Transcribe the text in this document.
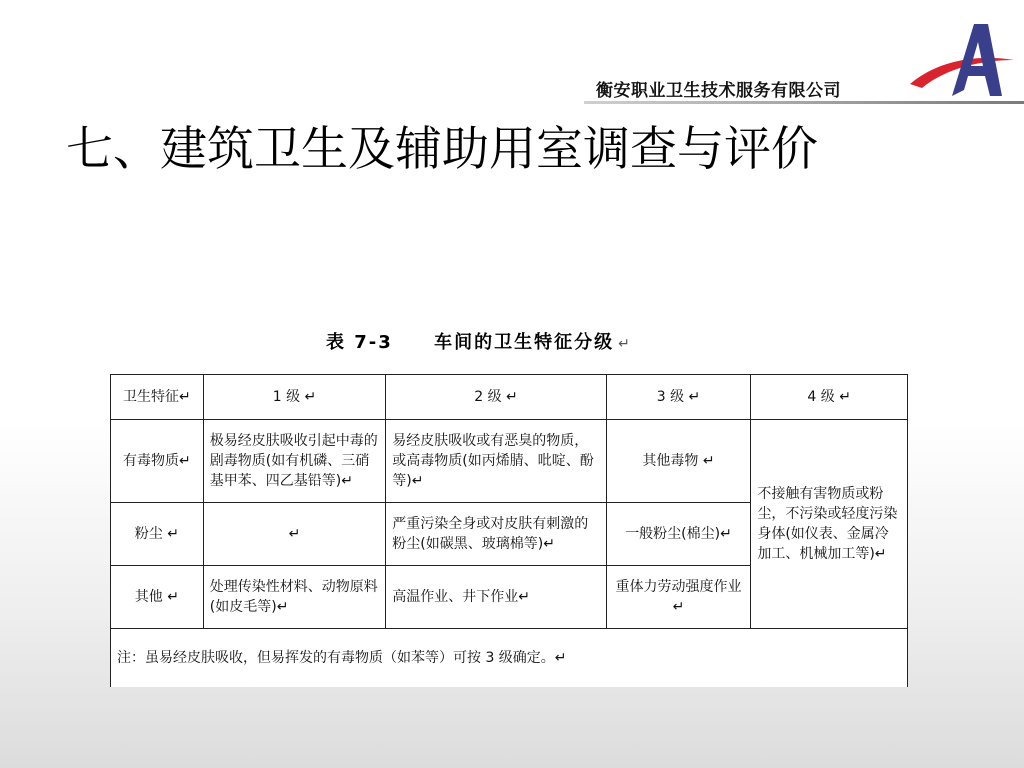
衡安职业卫生技术服务有限公司
七、建筑卫生及辅助用室调查与评价
表 7-3     车间的卫生特征分级 ↵
卫生特征↵	1 级 ↵	2 级 ↵	3 级 ↵	4 级 ↵
有毒物质↵	极易经皮肤吸收引起中毒的剧毒物质(如有机磷、三硝基甲苯、四乙基铅等)↵	易经皮肤吸收或有恶臭的物质，或高毒物质(如丙烯腈、吡啶、酚等)↵	其他毒物 ↵	不接触有害物质或粉尘，不污染或轻度污染身体(如仪表、金属冷加工、机械加工等)↵
粉尘 ↵	↵	严重污染全身或对皮肤有刺激的粉尘(如碳黑、玻璃棉等)↵	一般粉尘(棉尘)↵	
其他 ↵	处理传染性材料、动物原料(如皮毛等)↵	高温作业、井下作业↵	重体力劳动强度作业 ↵	
注：虽易经皮肤吸收，但易挥发的有毒物质（如苯等）可按 3 级确定。↵				
